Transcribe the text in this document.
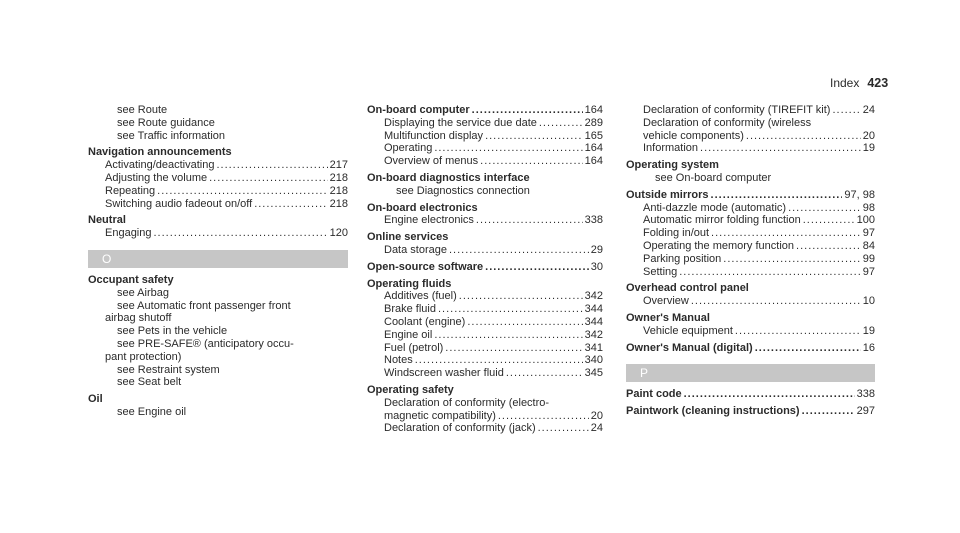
Index 423
see Route
see Route guidance
see Traffic information
Navigation announcements
Activating/deactivating .....	217
Adjusting the volume .....	218
Repeating .....	218
Switching audio fadeout on/off .....	218
Neutral
Engaging .....	120
O
Occupant safety
see Airbag
see Automatic front passenger front
airbag shutoff
see Pets in the vehicle
see PRE-SAFE® (anticipatory occu-
pant protection)
see Restraint system
see Seat belt
Oil
see Engine oil
On-board computer .....	164
Displaying the service due date .....	289
Multifunction display .....	165
Operating .....	164
Overview of menus .....	164
On-board diagnostics interface
see Diagnostics connection
On-board electronics
Engine electronics .....	338
Online services
Data storage .....	29
Open-source software .....	30
Operating fluids
Additives (fuel) .....	342
Brake fluid .....	344
Coolant (engine) .....	344
Engine oil .....	342
Fuel (petrol) .....	341
Notes .....	340
Windscreen washer fluid .....	345
Operating safety
Declaration of conformity (electro-
magnetic compatibility) .....	20
Declaration of conformity (jack) .....	24
Declaration of conformity (TIREFIT kit) .....	24
Declaration of conformity (wireless
vehicle components) .....	20
Information .....	19
Operating system
see On-board computer
Outside mirrors .....	97, 98
Anti-dazzle mode (automatic) .....	98
Automatic mirror folding function .....	100
Folding in/out .....	97
Operating the memory function .....	84
Parking position .....	99
Setting .....	97
Overhead control panel
Overview .....	10
Owner's Manual
Vehicle equipment .....	19
Owner's Manual (digital) .....	16
P
Paint code .....	338
Paintwork (cleaning instructions) .....	297
